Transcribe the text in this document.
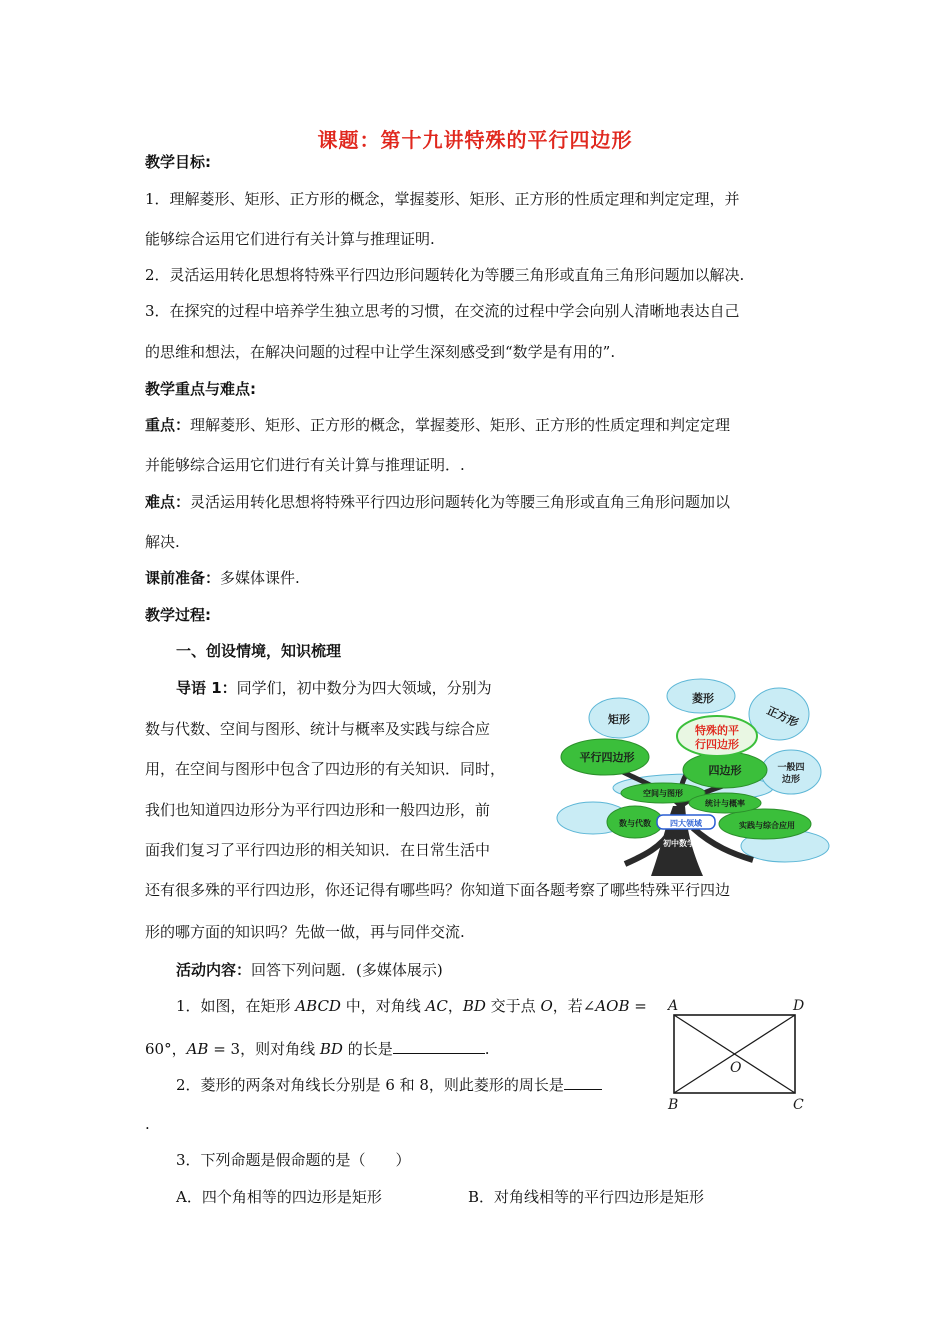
课题：第十九讲特殊的平行四边形
教学目标:
1．理解菱形、矩形、正方形的概念，掌握菱形、矩形、正方形的性质定理和判定定理，并
能够综合运用它们进行有关计算与推理证明.
2．灵活运用转化思想将特殊平行四边形问题转化为等腰三角形或直角三角形问题加以解决.
3．在探究的过程中培养学生独立思考的习惯，在交流的过程中学会向别人清晰地表达自己
的思维和想法，在解决问题的过程中让学生深刻感受到“数学是有用的”.
教学重点与难点:
重点：理解菱形、矩形、正方形的概念，掌握菱形、矩形、正方形的性质定理和判定定理
并能够综合运用它们进行有关计算与推理证明．.
难点：灵活运用转化思想将特殊平行四边形问题转化为等腰三角形或直角三角形问题加以
解决.
课前准备：多媒体课件.
教学过程:
一、创设情境，知识梳理
导语 1：同学们，初中数分为四大领域，分别为
数与代数、空间与图形、统计与概率及实践与综合应
用，在空间与图形中包含了四边形的有关知识．同时，
我们也知道四边形分为平行四边形和一般四边形，前
面我们复习了平行四边形的相关知识．在日常生活中
还有很多殊的平行四边形，你还记得有哪些吗？你知道下面各题考察了哪些特殊平行四边
形的哪方面的知识吗？先做一做，再与同伴交流.
活动内容：回答下列问题．(多媒体展示)
1．如图，在矩形 ABCD 中，对角线 AC，BD 交于点 O，若∠AOB =
60°，AB = 3，则对角线 BD 的长是	.
2．菱形的两条对角线长分别是 6 和 8，则此菱形的周长是
.
3．下列命题是假命题的是（　　）
A．四个角相等的四边形是矩形	B．对角线相等的平行四边形是矩形
菱形
矩形	正方形
特殊的平
行四边形
平行四边形
四边形	一般四
边形
空间与图形
统计与概率
数与代数 四大领域	实践与综合应用
初中数学
A	D
B	C
O
